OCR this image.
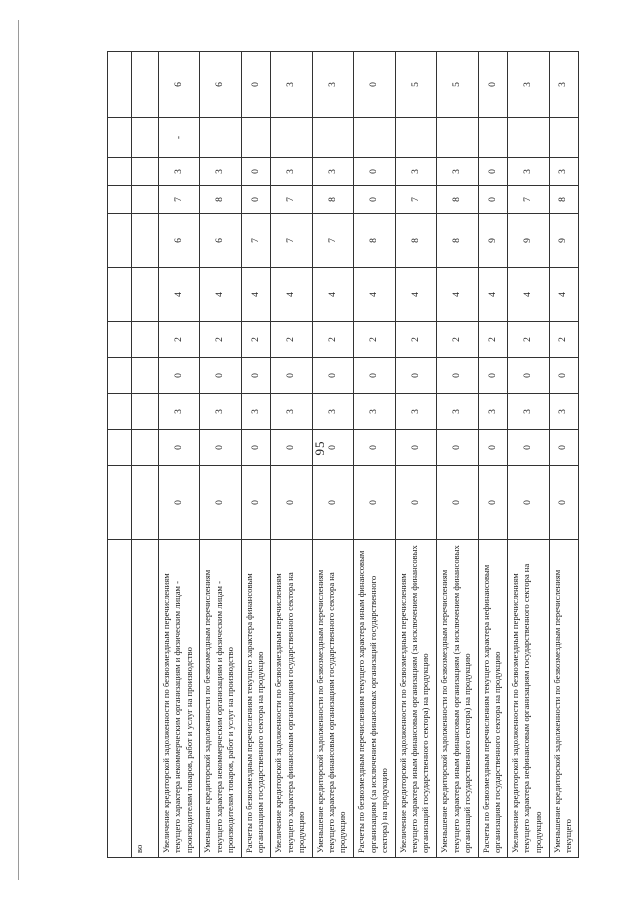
95

во											
Увеличение кредиторской задолженности по безвозмездным перечислениям текущего характера некоммерческим организациям и физическим лицам - производителям товаров, работ и услуг на производство	0	0	3	0	2	4	6	7	3	-	6
Уменьшение кредиторской задолженности по безвозмездным перечислениям текущего характера некоммерческим организациям и физическим лицам - производителям товаров, работ и услуг на производство	0	0	3	0	2	4	6	8	3		6
Расчеты по безвозмездным перечислениям текущего характера финансовым организациям государственного сектора на продукцию	0	0	3	0	2	4	7	0	0		0
Увеличение кредиторской задолженности по безвозмездным перечислениям текущего характера финансовым организациям государственного сектора на продукцию	0	0	3	0	2	4	7	7	3		3
Уменьшение кредиторской задолженности по безвозмездным перечислениям текущего характера финансовым организациям государственного сектора на продукцию	0	0	3	0	2	4	7	8	3		3
Расчеты по безвозмездным перечислениям текущего характера иным финансовым организациям (за исключением финансовых организаций государственного сектора) на продукцию	0	0	3	0	2	4	8	0	0		0
Увеличение кредиторской задолженности по безвозмездным перечислениям текущего характера иным финансовым организациям (за исключением финансовых организаций государственного сектора) на продукцию	0	0	3	0	2	4	8	7	3		5
Уменьшение кредиторской задолженности по безвозмездным перечислениям текущего характера иным финансовым организациям (за исключением финансовых организаций государственного сектора) на продукцию	0	0	3	0	2	4	8	8	3		5
Расчеты по безвозмездным перечислениям текущего характера нефинансовым организациям государственного сектора на продукцию	0	0	3	0	2	4	9	0	0		0
Увеличение кредиторской задолженности по безвозмездным перечислениям текущего характера нефинансовым организациям государственного сектора на продукцию	0	0	3	0	2	4	9	7	3		3
Уменьшение кредиторской задолженности по безвозмездным перечислениям текущего	0	0	3	0	2	4	9	8	3		3
